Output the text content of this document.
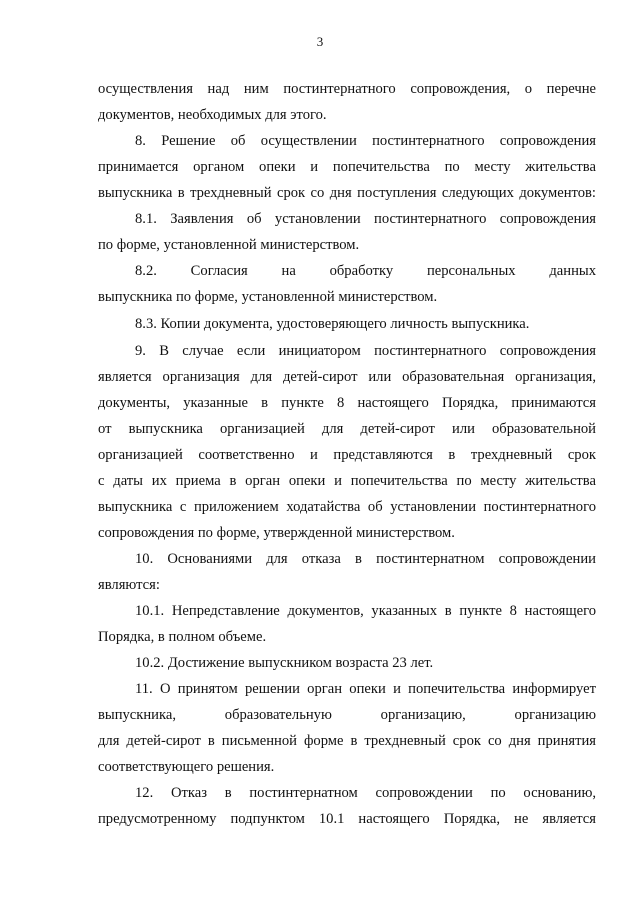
3
осуществления над ним постинтернатного сопровождения, о перечне
документов, необходимых для этого.
8. Решение об осуществлении постинтернатного сопровождения
принимается органом опеки и попечительства по месту жительства
выпускника в трехдневный срок со дня поступления следующих документов:
8.1. Заявления об установлении постинтернатного сопровождения
по форме, установленной министерством.
8.2. Согласия на обработку персональных данных
выпускника по форме, установленной министерством.
8.3. Копии документа, удостоверяющего личность выпускника.
9. В случае если инициатором постинтернатного сопровождения
является организация для детей-сирот или образовательная организация,
документы, указанные в пункте 8 настоящего Порядка, принимаются
от выпускника организацией для детей-сирот или образовательной
организацией соответственно и представляются в трехдневный срок
с даты их приема в орган опеки и попечительства по месту жительства
выпускника с приложением ходатайства об установлении постинтернатного
сопровождения по форме, утвержденной министерством.
10. Основаниями для отказа в постинтернатном сопровождении
являются:
10.1. Непредставление документов, указанных в пункте 8 настоящего
Порядка, в полном объеме.
10.2. Достижение выпускником возраста 23 лет.
11. О принятом решении орган опеки и попечительства информирует
выпускника, образовательную организацию, организацию
для детей-сирот в письменной форме в трехдневный срок со дня принятия
соответствующего решения.
12. Отказ в постинтернатном сопровождении по основанию,
предусмотренному подпунктом 10.1 настоящего Порядка, не является
